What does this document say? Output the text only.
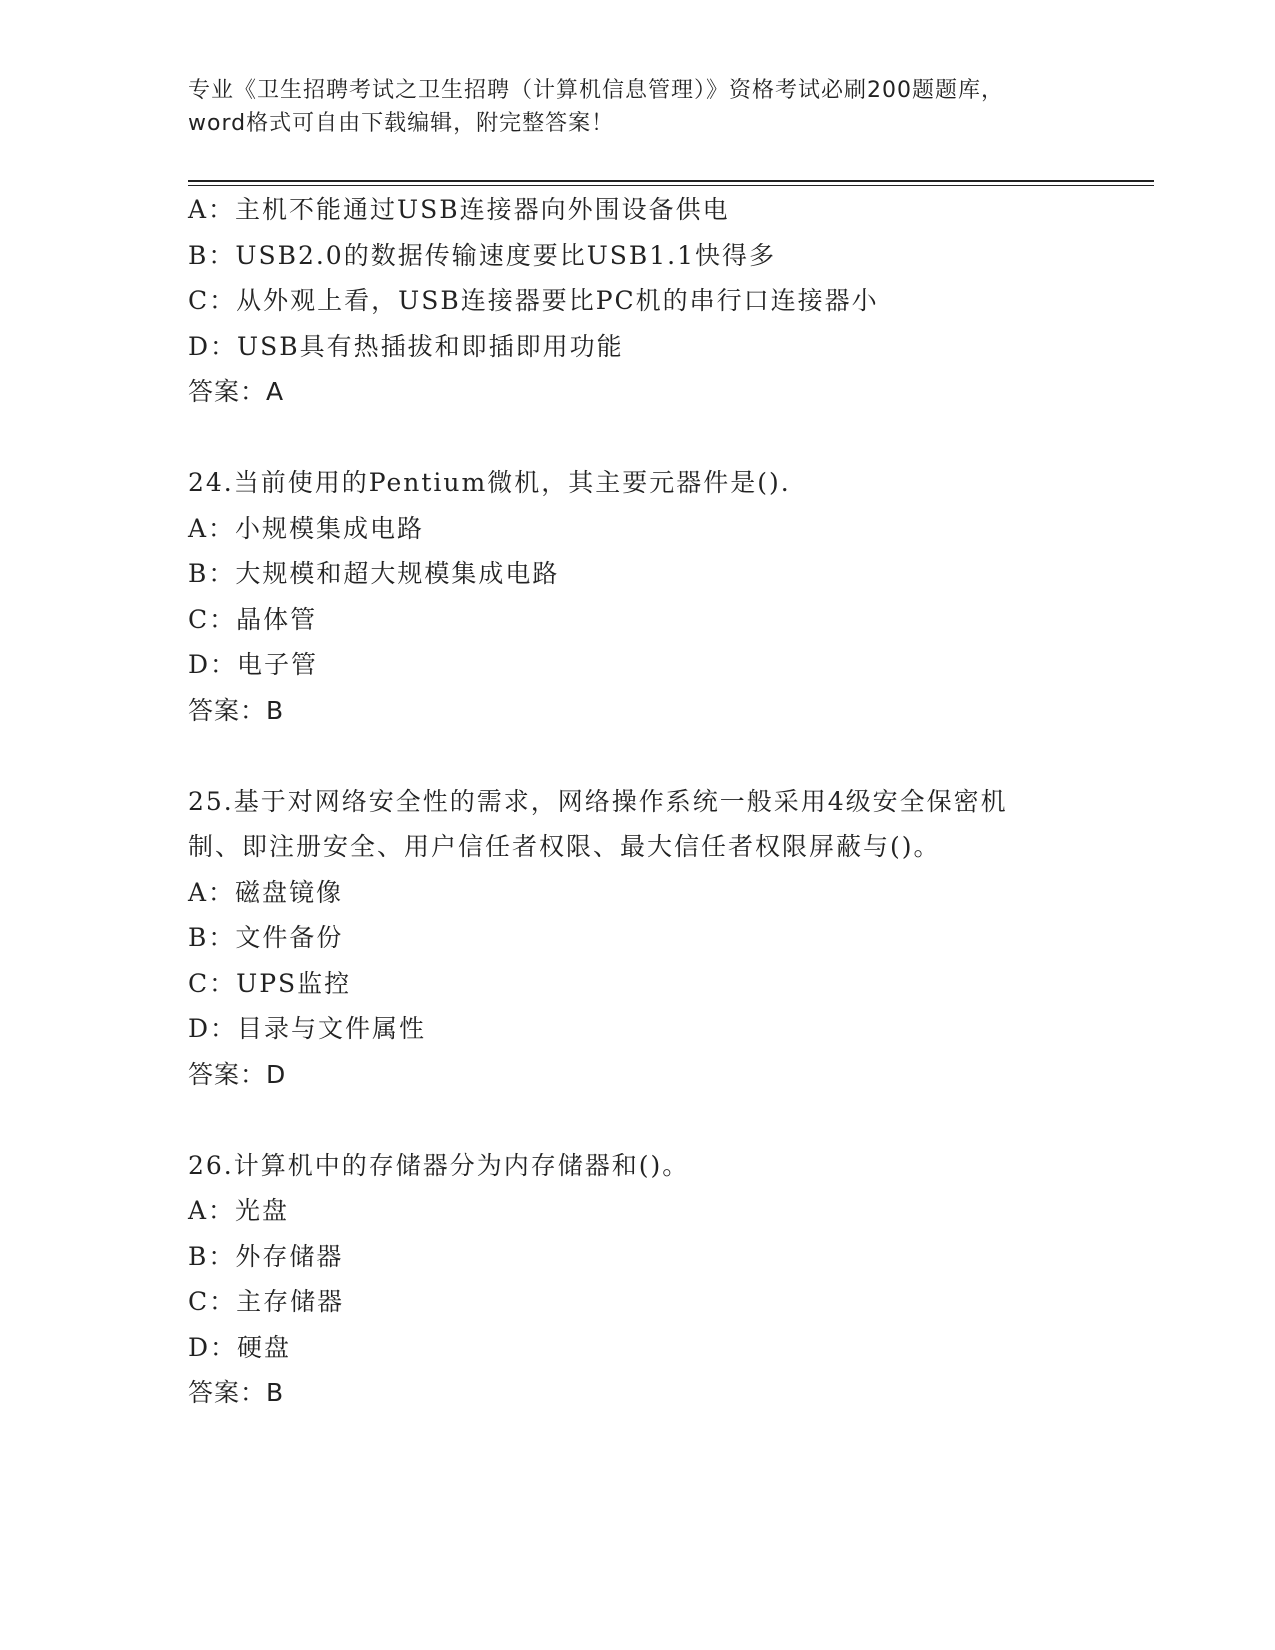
专业《卫生招聘考试之卫生招聘（计算机信息管理）》资格考试必刷200题题库，
word格式可自由下载编辑，附完整答案！
A：主机不能通过USB连接器向外围设备供电
B：USB2.0的数据传输速度要比USB1.1快得多
C：从外观上看，USB连接器要比PC机的串行口连接器小
D：USB具有热插拔和即插即用功能
答案：A
24.当前使用的Pentium微机，其主要元器件是().
A：小规模集成电路
B：大规模和超大规模集成电路
C：晶体管
D：电子管
答案：B
25.基于对网络安全性的需求，网络操作系统一般采用4级安全保密机
制、即注册安全、用户信任者权限、最大信任者权限屏蔽与()。
A：磁盘镜像
B：文件备份
C：UPS监控
D：目录与文件属性
答案：D
26.计算机中的存储器分为内存储器和()。
A：光盘
B：外存储器
C：主存储器
D：硬盘
答案：B
